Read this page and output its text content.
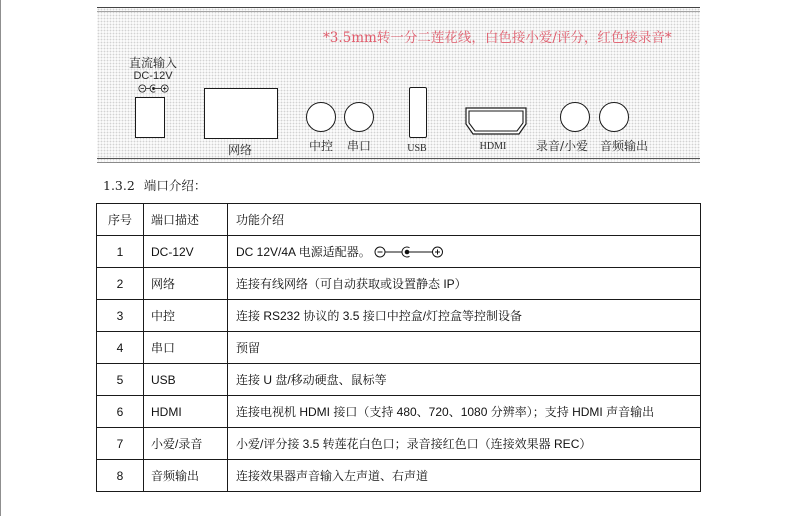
*3.5mm转一分二莲花线，白色接小爱/评分，红色接录音*
直流输入
DC-12V
网络	中控	串口	USB	HDMI	录音/小爱 音频输出
1.3.2 端口介绍：
序号	端口描述	功能介绍
1	DC-12V	DC 12V/4A 电源适配器。
2	网络	连接有线网络（可自动获取或设置静态 IP）
3	中控	连接 RS232 协议的 3.5 接口中控盒/灯控盒等控制设备
4	串口	预留
5	USB	连接 U 盘/移动硬盘、鼠标等
6	HDMI	连接电视机 HDMI 接口（支持 480、720、1080 分辨率）；支持 HDMI 声音输出
7	小爱/录音	小爱/评分接 3.5 转莲花白色口；录音接红色口（连接效果器 REC）
8	音频输出	连接效果器声音输入左声道、右声道
